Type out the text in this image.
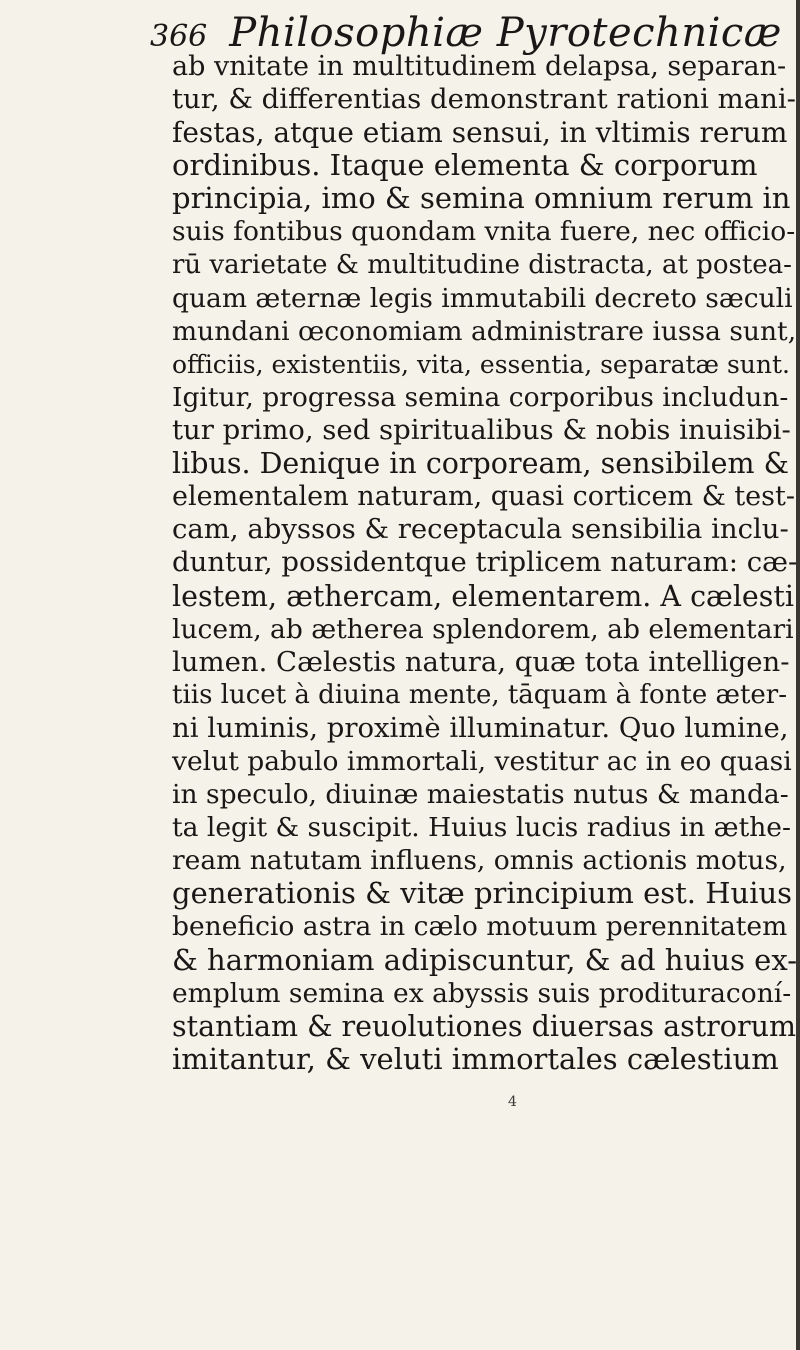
366 Philosophiæ Pyrotechnicæ
ab vnitate in multitudinem delapsa, separan-
tur, & differentias demonstrant rationi mani-
festas, atque etiam sensui, in vltimis rerum
ordinibus. Itaque elementa & corporum
principia, imo & semina omnium rerum in
suis fontibus quondam vnita fuere, nec officio-
rū varietate & multitudine distracta, at postea-
quam æternæ legis immutabili decreto sæculi
mundani œconomiam administrare iussa sunt,
officiis, existentiis, vita, essentia, separatæ sunt.
Igitur, progressa semina corporibus includun-
tur primo, sed spiritualibus & nobis inuisibi-
libus. Denique in corpoream, sensibilem &
elementalem naturam, quasi corticem & test-
cam, abyssos & receptacula sensibilia inclu-
duntur, possidentque triplicem naturam: cæ-
lestem, æthercam, elementarem. A cælesti
lucem, ab ætherea splendorem, ab elementari
lumen. Cælestis natura, quæ tota intelligen-
tiis lucet à diuina mente, tāquam à fonte æter-
ni luminis, proximè illuminatur. Quo lumine,
velut pabulo immortali, vestitur ac in eo quasi
in speculo, diuinæ maiestatis nutus & manda-
ta legit & suscipit. Huius lucis radius in æthe-
ream natutam influens, omnis actionis motus,
generationis & vitæ principium est. Huius
beneficio astra in cælo motuum perennitatem
& harmoniam adipiscuntur, & ad huius ex-
emplum semina ex abyssis suis prodituraconí-
stantiam & reuolutiones diuersas astrorum
imitantur, & veluti immortales cælestium
4
